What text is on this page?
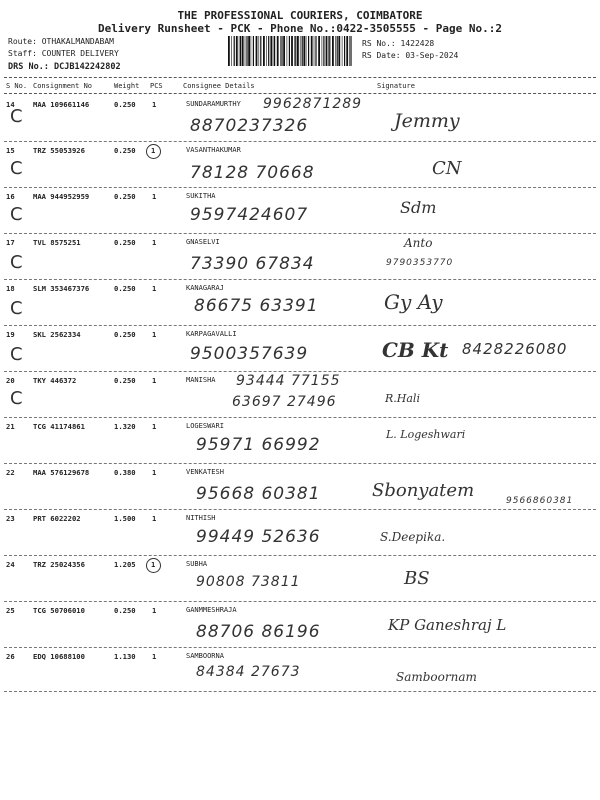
THE PROFESSIONAL COURIERS, COIMBATORE
Delivery Runsheet - PCK - Phone No.:0422-3505555 - Page No.:2
Route: OTHAKALMANDABAM
Staff: COUNTER DELIVERY
DRS No.: DCJB142242802
RS No.: 1422428
RS Date: 03-Sep-2024
S No. Consignment No	Weight PCS	Consignee Details	Signature
14	MAA 109661146	0.250 1	SUNDARAMURTHY
C
9962871289
8870237326	Jemmy
15	TRZ 55053926	0.250 1	VASANTHAKUMAR
C	78128 70668	CN
16	MAA 944952959	0.250 1	SUKITHA
C	9597424607	Sdm
17	TVL 8575251	0.250 1	GNASELVI
C	73390 67834
Anto
9790353770
18	SLM 353467376	0.250 1	KANAGARAJ
C	86675 63391	Gy Ay
19	SKL 2562334	0.250 1	KARPAGAVALLI
C	9500357639	CB Kt 8428226080
20	TKY 446372	0.250 1	MANISHA
C
93444 77155
63697 27496	R.Hali
21	TCG 41174861	1.320 1	LOGESWARI
95971 66992
L. Logeshwari
22	MAA 576129678	0.380 1	VENKATESH
95668 60381	Sbonyatem	9566860381
23	PRT 6022202	1.500 1	NITHISH
99449 52636	S.Deepika.
24	TRZ 25024356	1.205 1	SUBHA
90808 73811	BS
25	TCG 50706010	0.250 1	GANMMESHRAJA
88706 86196	KP Ganeshraj L
26	EDQ 10688100	1.130 1	SAMBOORNA
84384 27673	Samboornam
